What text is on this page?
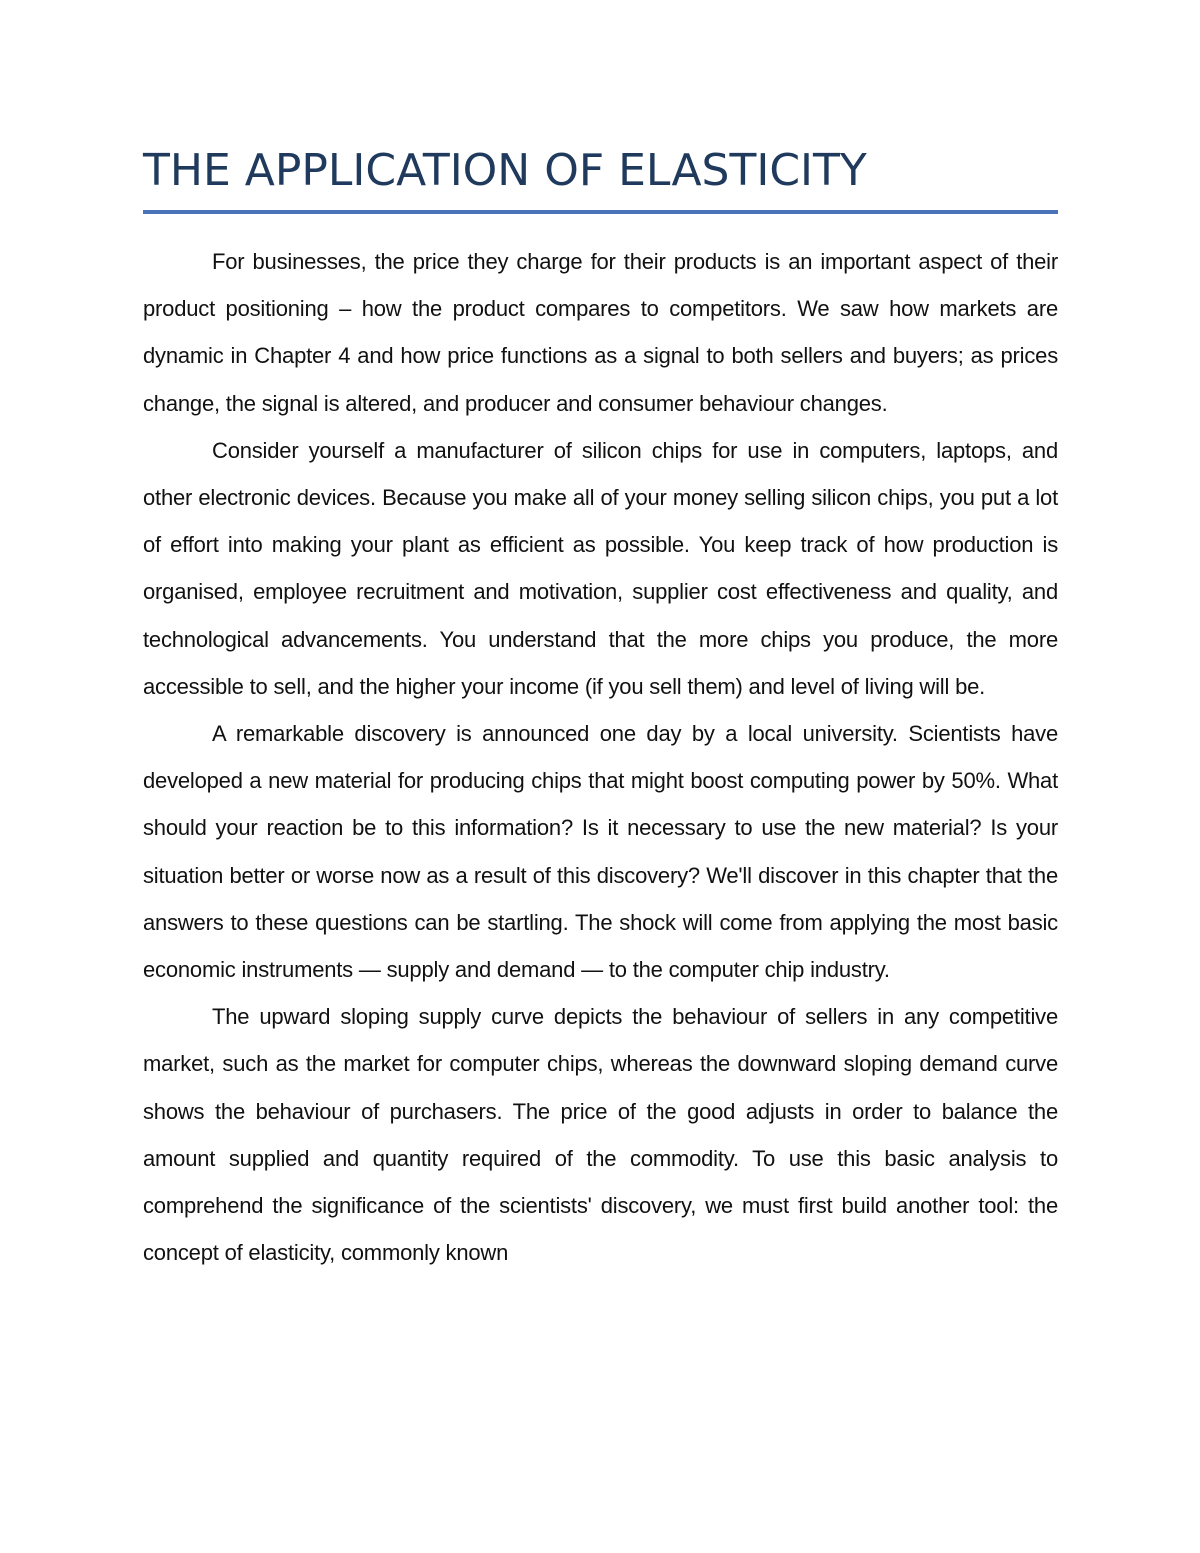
THE APPLICATION OF ELASTICITY

For businesses, the price they charge for their products is an important aspect of their product positioning – how the product compares to competitors. We saw how markets are dynamic in Chapter 4 and how price functions as a signal to both sellers and buyers; as prices change, the signal is altered, and producer and consumer behaviour changes.

Consider yourself a manufacturer of silicon chips for use in computers, laptops, and other electronic devices. Because you make all of your money selling silicon chips, you put a lot of effort into making your plant as efficient as possible. You keep track of how production is organised, employee recruitment and motivation, supplier cost effectiveness and quality, and technological advancements. You understand that the more chips you produce, the more accessible to sell, and the higher your income (if you sell them) and level of living will be.

A remarkable discovery is announced one day by a local university. Scientists have developed a new material for producing chips that might boost computing power by 50%. What should your reaction be to this information? Is it necessary to use the new material? Is your situation better or worse now as a result of this discovery? We'll discover in this chapter that the answers to these questions can be startling. The shock will come from applying the most basic economic instruments — supply and demand — to the computer chip industry.

The upward sloping supply curve depicts the behaviour of sellers in any competitive market, such as the market for computer chips, whereas the downward sloping demand curve shows the behaviour of purchasers. The price of the good adjusts in order to balance the amount supplied and quantity required of the commodity. To use this basic analysis to comprehend the significance of the scientists' discovery, we must first build another tool: the concept of elasticity, commonly known
